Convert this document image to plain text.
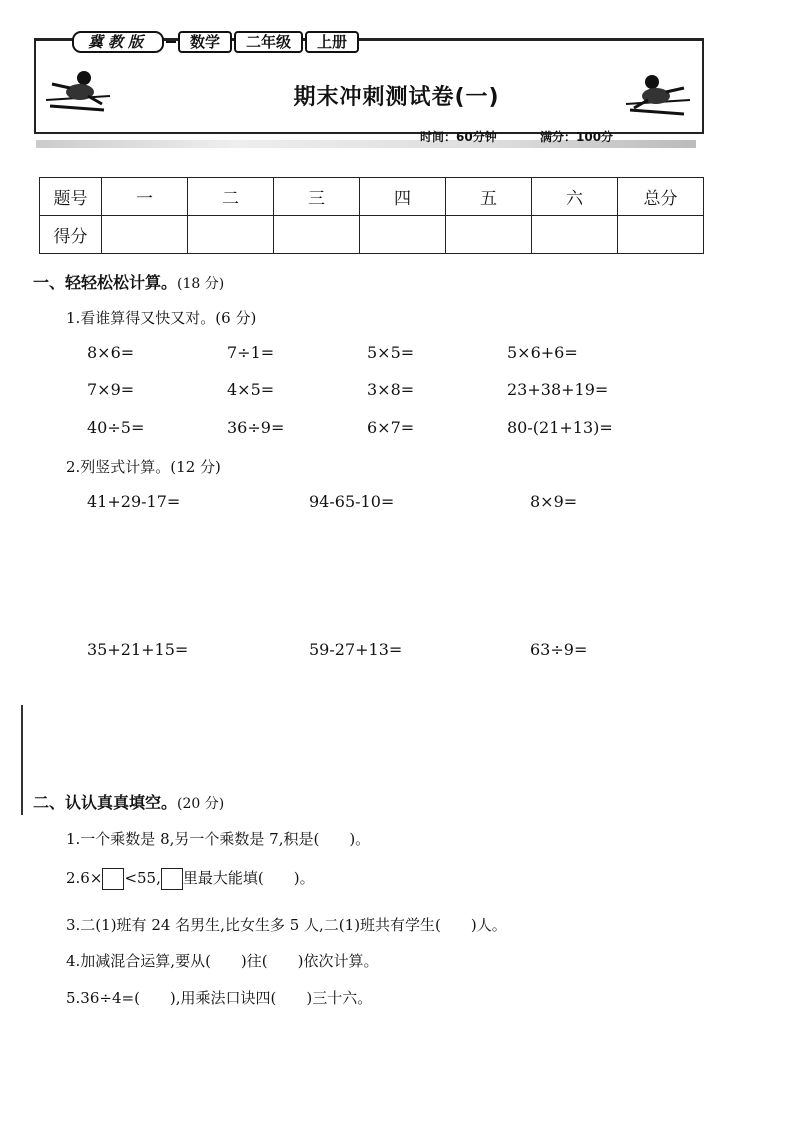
冀教版	数学	二年级	上册
期末冲刺测试卷(一)
时间：60分钟	满分：100分
题号	一	二	三	四	五	六	总分
得分							
一、轻轻松松计算。(18 分)
1.看谁算得又快又对。(6 分)
8×6=	7÷1=	5×5=	5×6+6=
7×9=	4×5=	3×8=	23+38+19=
40÷5=	36÷9=	6×7=	80-(21+13)=
2.列竖式计算。(12 分)
41+29-17=	94-65-10=	8×9=
35+21+15=	59-27+13=	63÷9=
二、认认真真填空。(20 分)
1.一个乘数是 8,另一个乘数是 7,积是(　　)。
2.6× <55, 里最大能填(　　)。
3.二(1)班有 24 名男生,比女生多 5 人,二(1)班共有学生(　　)人。
4.加减混合运算,要从(　　)往(　　)依次计算。
5.36÷4=(　　),用乘法口诀四(　　)三十六。
